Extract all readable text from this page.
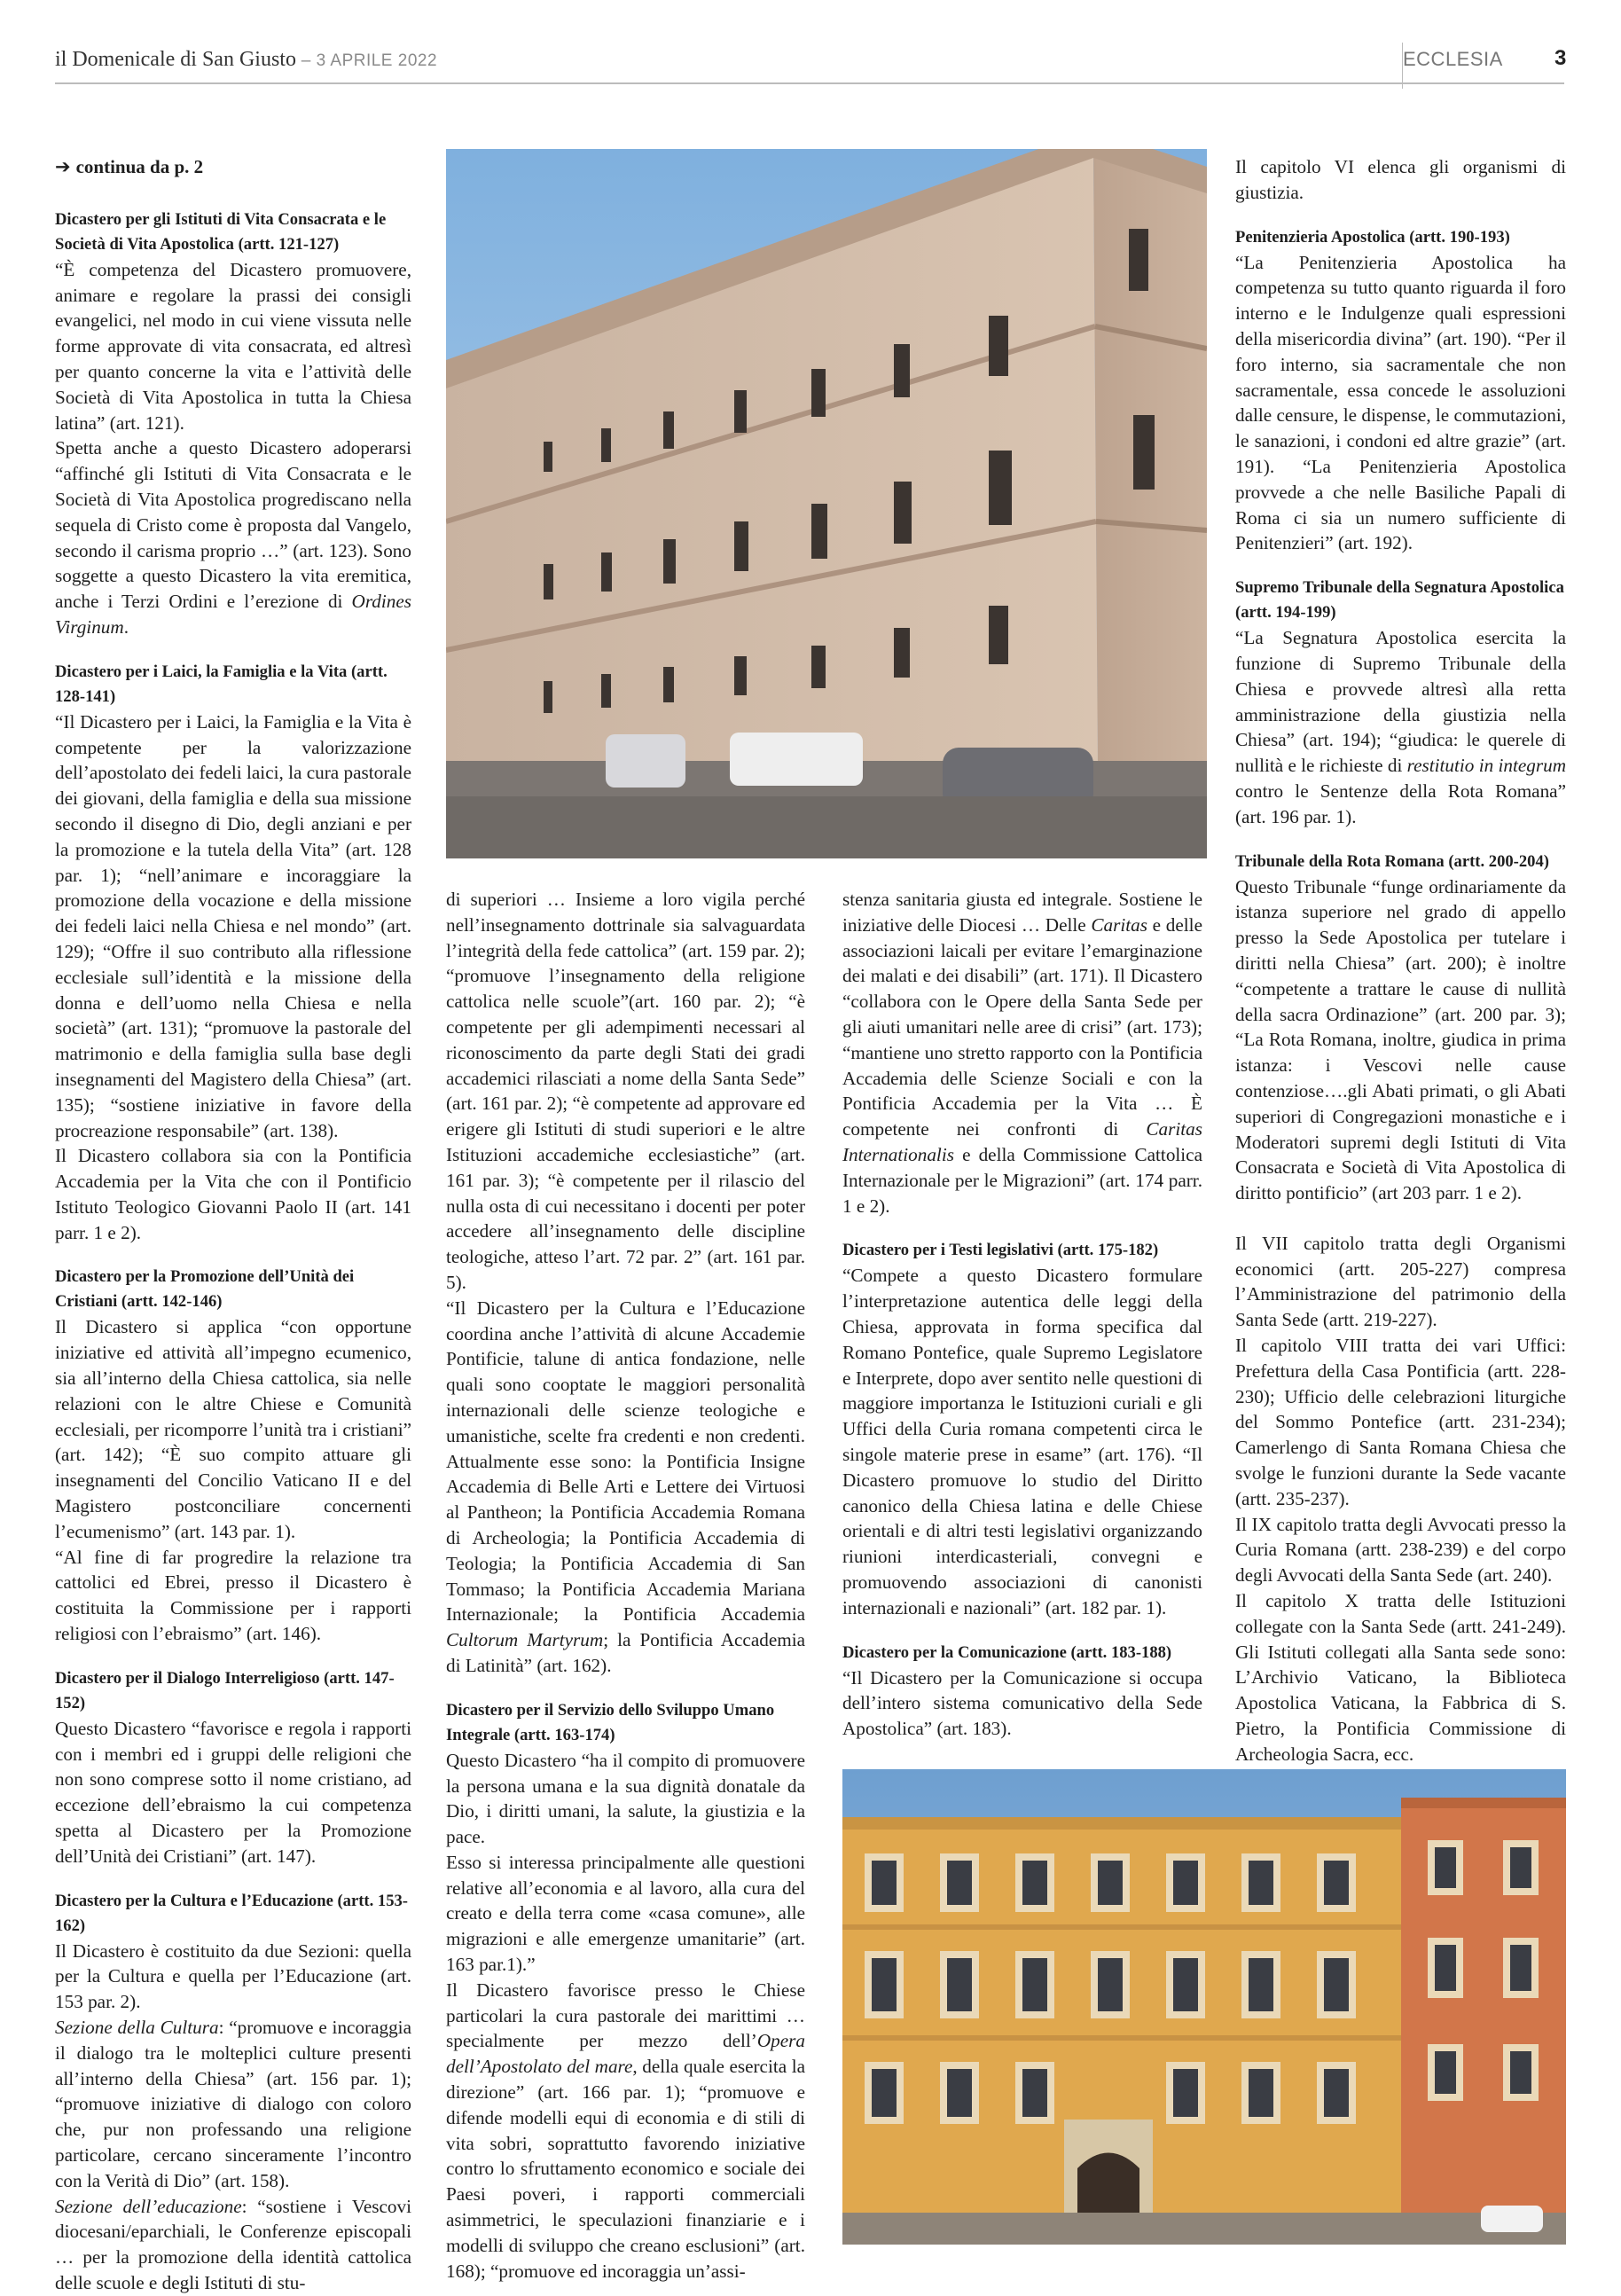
il Domenicale di San Giusto – 3 APRILE 2022	ECCLESIA 3
➔ continua da p. 2
Dicastero per gli Istituti di Vita Consacrata e le Società di Vita Apostolica (artt. 121-127)

“È competenza del Dicastero promuovere, animare e regolare la prassi dei consigli evangelici, nel modo in cui viene vissuta nelle forme approvate di vita consacrata, ed altresì per quanto concerne la vita e l’attività delle Società di Vita Apostolica in tutta la Chiesa latina” (art. 121).

Spetta anche a questo Dicastero adoperarsi “affinché gli Istituti di Vita Consacrata e le Società di Vita Apostolica progrediscano nella sequela di Cristo come è proposta dal Vangelo, secondo il carisma proprio …” (art. 123). Sono soggette a questo Dicastero la vita eremitica, anche i Terzi Ordini e l’erezione di Ordines Virginum.

Dicastero per i Laici, la Famiglia e la Vita (artt. 128-141)

“Il Dicastero per i Laici, la Famiglia e la Vita è competente per la valorizzazione dell’apostolato dei fedeli laici, la cura pastorale dei giovani, della famiglia e della sua missione secondo il disegno di Dio, degli anziani e per la promozione e la tutela della Vita” (art. 128 par. 1); “nell’animare e incoraggiare la promozione della vocazione e della missione dei fedeli laici nella Chiesa e nel mondo” (art. 129); “Offre il suo contributo alla riflessione ecclesiale sull’identità e la missione della donna e dell’uomo nella Chiesa e nella società” (art. 131); “promuove la pastorale del matrimonio e della famiglia sulla base degli insegnamenti del Magistero della Chiesa” (art. 135); “sostiene iniziative in favore della procreazione responsabile” (art. 138).

Il Dicastero collabora sia con la Pontificia Accademia per la Vita che con il Pontificio Istituto Teologico Giovanni Paolo II (art. 141 parr. 1 e 2).

Dicastero per la Promozione dell’Unità dei Cristiani (artt. 142-146)

Il Dicastero si applica “con opportune iniziative ed attività all’impegno ecumenico, sia all’interno della Chiesa cattolica, sia nelle relazioni con le altre Chiese e Comunità ecclesiali, per ricomporre l’unità tra i cristiani” (art. 142); “È suo compito attuare gli insegnamenti del Concilio Vaticano II e del Magistero postconciliare concernenti l’ecumenismo” (art. 143 par. 1).

“Al fine di far progredire la relazione tra cattolici ed Ebrei, presso il Dicastero è costituita la Commissione per i rapporti religiosi con l’ebraismo” (art. 146).

Dicastero per il Dialogo Interreligioso (artt. 147-152)

Questo Dicastero “favorisce e regola i rapporti con i membri ed i gruppi delle religioni che non sono comprese sotto il nome cristiano, ad eccezione dell’ebraismo la cui competenza spetta al Dicastero per la Promozione dell’Unità dei Cristiani” (art. 147).

Dicastero per la Cultura e l’Educazione (artt. 153-162)

Il Dicastero è costituito da due Sezioni: quella per la Cultura e quella per l’Educazione (art. 153 par. 2).

Sezione della Cultura: “promuove e incoraggia il dialogo tra le molteplici culture presenti all’interno della Chiesa” (art. 156 par. 1); “promuove iniziative di dialogo con coloro che, pur non professando una religione particolare, cercano sinceramente l’incontro con la Verità di Dio” (art. 158).

Sezione dell’educazione: “sostiene i Vescovi diocesani/eparchiali, le Conferenze episcopali … per la promozione della identità cattolica delle scuole e degli Istituti di stu-

di superiori … Insieme a loro vigila perché nell’insegnamento dottrinale sia salvaguardata l’integrità della fede cattolica” (art. 159 par. 2); “promuove l’insegnamento della religione cattolica nelle scuole”(art. 160 par. 2); “è competente per gli adempimenti necessari al riconoscimento da parte degli Stati dei gradi accademici rilasciati a nome della Santa Sede” (art. 161 par. 2); “è competente ad approvare ed erigere gli Istituti di studi superiori e le altre Istituzioni accademiche ecclesiastiche” (art. 161 par. 3); “è competente per il rilascio del nulla osta di cui necessitano i docenti per poter accedere all’insegnamento delle discipline teologiche, atteso l’art. 72 par. 2” (art. 161 par. 5).

“Il Dicastero per la Cultura e l’Educazione coordina anche l’attività di alcune Accademie Pontificie, talune di antica fondazione, nelle quali sono cooptate le maggiori personalità internazionali delle scienze teologiche e umanistiche, scelte fra credenti e non credenti. Attualmente esse sono: la Pontificia Insigne Accademia di Belle Arti e Lettere dei Virtuosi al Pantheon; la Pontificia Accademia Romana di Archeologia; la Pontificia Accademia di Teologia; la Pontificia Accademia di San Tommaso; la Pontificia Accademia Mariana Internazionale; la Pontificia Accademia Cultorum Martyrum; la Pontificia Accademia di Latinità” (art. 162).

Dicastero per il Servizio dello Sviluppo Umano Integrale (artt. 163-174)

Questo Dicastero “ha il compito di promuovere la persona umana e la sua dignità donatale da Dio, i diritti umani, la salute, la giustizia e la pace.

Esso si interessa principalmente alle questioni relative all’economia e al lavoro, alla cura del creato e della terra come «casa comune», alle migrazioni e alle emergenze umanitarie” (art. 163 par.1).”

Il Dicastero favorisce presso le Chiese particolari la cura pastorale dei marittimi … specialmente per mezzo dell’Opera dell’Apostolato del mare, della quale esercita la direzione” (art. 166 par. 1); “promuove e difende modelli equi di economia e di stili di vita sobri, soprattutto favorendo iniziative contro lo sfruttamento economico e sociale dei Paesi poveri, i rapporti commerciali asimmetrici, le speculazioni finanziarie e i modelli di sviluppo che creano esclusioni” (art. 168); “promuove ed incoraggia un’assi-

stenza sanitaria giusta ed integrale. Sostiene le iniziative delle Diocesi … Delle Caritas e delle associazioni laicali per evitare l’emarginazione dei malati e dei disabili” (art. 171). Il Dicastero “collabora con le Opere della Santa Sede per gli aiuti umanitari nelle aree di crisi” (art. 173); “mantiene uno stretto rapporto con la Pontificia Accademia delle Scienze Sociali e con la Pontificia Accademia per la Vita … È competente nei confronti di Caritas Internationalis e della Commissione Cattolica Internazionale per le Migrazioni” (art. 174 parr. 1 e 2).

Dicastero per i Testi legislativi (artt. 175-182)

“Compete a questo Dicastero formulare l’interpretazione autentica delle leggi della Chiesa, approvata in forma specifica dal Romano Pontefice, quale Supremo Legislatore e Interprete, dopo aver sentito nelle questioni di maggiore importanza le Istituzioni curiali e gli Uffici della Curia romana competenti circa le singole materie prese in esame” (art. 176). “Il Dicastero promuove lo studio del Diritto canonico della Chiesa latina e delle Chiese orientali e di altri testi legislativi organizzando riunioni interdicasteriali, convegni e promuovendo associazioni di canonisti internazionali e nazionali” (art. 182 par. 1).

Dicastero per la Comunicazione (artt. 183-188)

“Il Dicastero per la Comunicazione si occupa dell’intero sistema comunicativo della Sede Apostolica” (art. 183).

Il capitolo VI elenca gli organismi di giustizia.

Penitenzieria Apostolica (artt. 190-193)

“La Penitenzieria Apostolica ha competenza su tutto quanto riguarda il foro interno e le Indulgenze quali espressioni della misericordia divina” (art. 190). “Per il foro interno, sia sacramentale che non sacramentale, essa concede le assoluzioni dalle censure, le dispense, le commutazioni, le sanazioni, i condoni ed altre grazie” (art. 191). “La Penitenzieria Apostolica provvede a che nelle Basiliche Papali di Roma ci sia un numero sufficiente di Penitenzieri” (art. 192).

Supremo Tribunale della Segnatura Apostolica (artt. 194-199)

“La Segnatura Apostolica esercita la funzione di Supremo Tribunale della Chiesa e provvede altresì alla retta amministrazione della giustizia nella Chiesa” (art. 194); “giudica: le querele di nullità e le richieste di restitutio in integrum contro le Sentenze della Rota Romana” (art. 196 par. 1).

Tribunale della Rota Romana (artt. 200-204)

Questo Tribunale “funge ordinariamente da istanza superiore nel grado di appello presso la Sede Apostolica per tutelare i diritti nella Chiesa” (art. 200); è inoltre “competente a trattare le cause di nullità della sacra Ordinazione” (art. 200 par. 3); “La Rota Romana, inoltre, giudica in prima istanza: i Vescovi nelle cause contenziose….gli Abati primati, o gli Abati superiori di Congregazioni monastiche e i Moderatori supremi degli Istituti di Vita Consacrata e Società di Vita Apostolica di diritto pontificio” (art 203 parr. 1 e 2).

Il VII capitolo tratta degli Organismi economici (artt. 205-227) compresa l’Amministrazione del patrimonio della Santa Sede (artt. 219-227).

Il capitolo VIII tratta dei vari Uffici: Prefettura della Casa Pontificia (artt. 228-230); Ufficio delle celebrazioni liturgiche del Sommo Pontefice (artt. 231-234); Camerlengo di Santa Romana Chiesa che svolge le funzioni durante la Sede vacante (artt. 235-237).

Il IX capitolo tratta degli Avvocati presso la Curia Romana (artt. 238-239) e del corpo degli Avvocati della Santa Sede (art. 240).

Il capitolo X tratta delle Istituzioni collegate con la Santa Sede (artt. 241-249). Gli Istituti collegati alla Santa sede sono: L’Archivio Vaticano, la Biblioteca Apostolica Vaticana, la Fabbrica di S. Pietro, la Pontificia Commissione di Archeologia Sacra, ecc.
